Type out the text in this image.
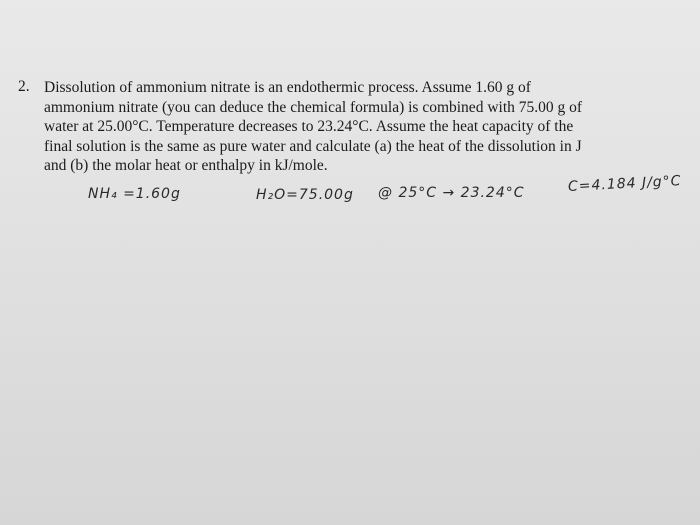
2. Dissolution of ammonium nitrate is an endothermic process. Assume 1.60 g of
ammonium nitrate (you can deduce the chemical formula) is combined with 75.00 g of
water at 25.00°C. Temperature decreases to 23.24°C. Assume the heat capacity of the
final solution is the same as pure water and calculate (a) the heat of the dissolution in J
and (b) the molar heat or enthalpy in kJ/mole.
NH₄ =1.60g	H₂O=75.00g @ 25°C → 23.24°C	C=4.184 J/g°C
